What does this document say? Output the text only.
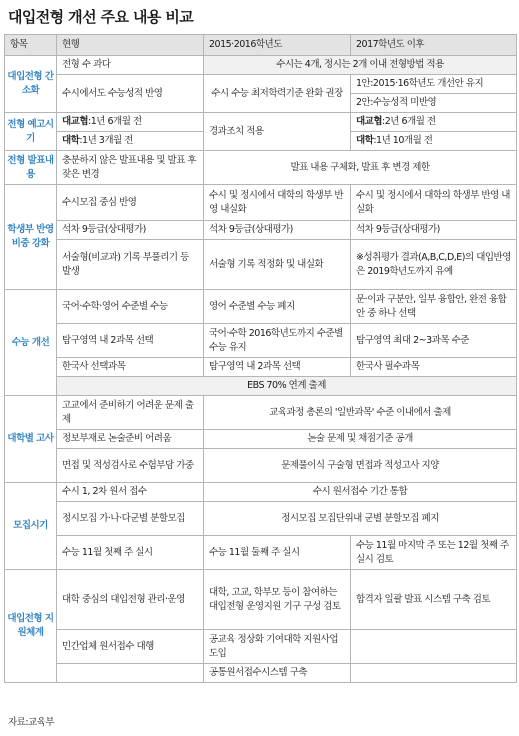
대입전형 개선 주요 내용 비교
항목	현행	2015·2016학년도	2017학년도 이후
대입전형 간소화	전형 수 과다	수시는 4개, 정시는 2개 이내 전형방법 적용	
	수시에서도 수능성적 반영	수시 수능 최저학력기준 완화 권장	1안:2015·16학년도 개선안 유지
			2안:수능성적 미반영
전형 예고시기	대교협:1년 6개월 전	경과조치 적용	대교협:2년 6개월 전
	대학:1년 3개월 전		대학:1년 10개월 전
전형 발표내용	충분하지 않은 발표내용 및 발표 후 잦은 변경	발표 내용 구체화, 발표 후 변경 제한	
학생부 반영 비중 강화	수시모집 중심 반영	수시 및 정시에서 대학의 학생부 반영 내실화	수시 및 정시에서 대학의 학생부 반영 내실화
	석차 9등급(상대평가)	석차 9등급(상대평가)	석차 9등급(상대평가)
	서술형(비교과) 기록 부풀리기 등 발생	서술형 기록 적정화 및 내실화	※성취평가 결과(A,B,C,D,E)의 대입반영은 2019학년도까지 유예
수능 개선	국어·수학·영어 수준별 수능	영어 수준별 수능 폐지	문·이과 구분안, 일부 융합안, 완전 융합안 중 하나 선택
	탐구영역 내 2과목 선택	국어·수학 2016학년도까지 수준별 수능 유지	탐구영역 최대 2~3과목 수준
	한국사 선택과목	탐구영역 내 2과목 선택	한국사 필수과목
	EBS 70% 연계 출제		
대학별 고사	고교에서 준비하기 어려운 문제 출제	교육과정 총론의 '일반과목' 수준 이내에서 출제	
	정보부재로 논술준비 어려움	논술 문제 및 채점기준 공개	
	면접 및 적성검사로 수험부담 가중	문제풀이식 구술형 면접과 적성고사 지양	
모집시기	수시 1, 2차 원서 접수	수시 원서접수 기간 통합	
	정시모집 가·나·다군별 분할모집	정시모집 모집단위내 군별 분할모집 폐지	
	수능 11월 첫째 주 실시	수능 11월 둘째 주 실시	수능 11월 마지막 주 또는 12월 첫째 주 실시 검토
대입전형 지원체계	대학 중심의 대입전형 관리·운영	대학, 고교, 학부모 등이 참여하는 대입전형 운영지원 기구 구성 검토	합격자 일괄 발표 시스템 구축 검토
	민간업체 원서접수 대행	공교육 정상화 기여대학 지원사업 도입	
		공통원서접수시스템 구축	
자료:교육부
